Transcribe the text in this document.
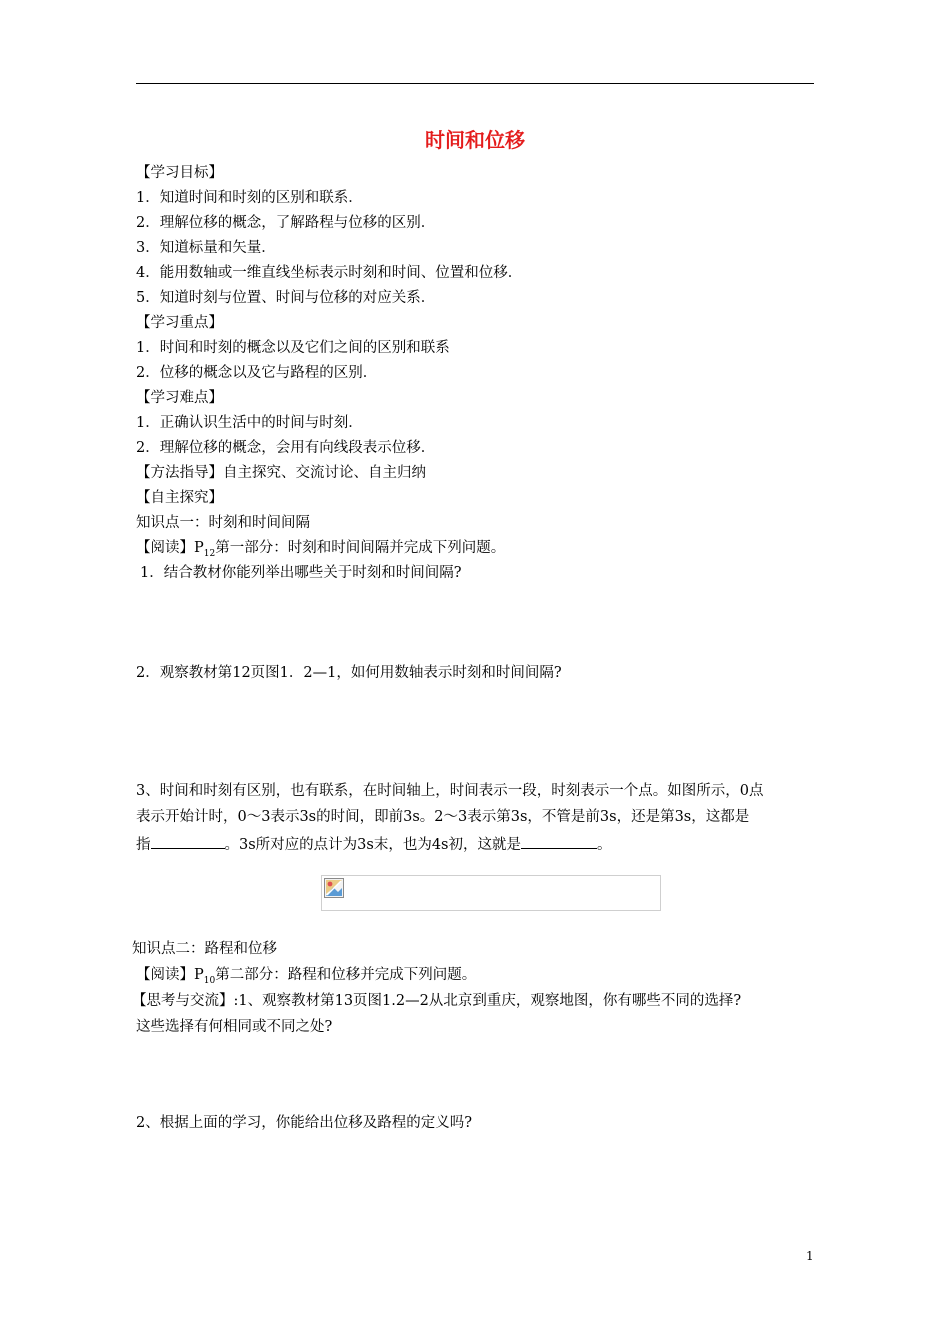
时间和位移
【学习目标】
1．知道时间和时刻的区别和联系．
2．理解位移的概念，了解路程与位移的区别．
3．知道标量和矢量．
4．能用数轴或一维直线坐标表示时刻和时间、位置和位移．
5．知道时刻与位置、时间与位移的对应关系．
【学习重点】
1．时间和时刻的概念以及它们之间的区别和联系
2．位移的概念以及它与路程的区别．
【学习难点】
1．正确认识生活中的时间与时刻．
2．理解位移的概念，会用有向线段表示位移．
【方法指导】自主探究、交流讨论、自主归纳
【自主探究】
知识点一：时刻和时间间隔
【阅读】$P_{12}$第一部分：时刻和时间间隔并完成下列问题。
1．结合教材你能列举出哪些关于时刻和时间间隔?
2．观察教材第12页图1．2—1，如何用数轴表示时刻和时间间隔?
3、时间和时刻有区别，也有联系，在时间轴上，时间表示一段，时刻表示一个点。如图所示，0点
表示开始计时，0～3表示3s的时间，即前3s。2～3表示第3s，不管是前3s，还是第3s，这都是
指	。3s所对应的点计为3s末，也为4s初，这就是	。
知识点二：路程和位移
【阅读】$P_{10}$第二部分：路程和位移并完成下列问题。
【思考与交流】:1、观察教材第13页图1.2—2从北京到重庆，观察地图，你有哪些不同的选择?
这些选择有何相同或不同之处?
2、根据上面的学习，你能给出位移及路程的定义吗?
1
